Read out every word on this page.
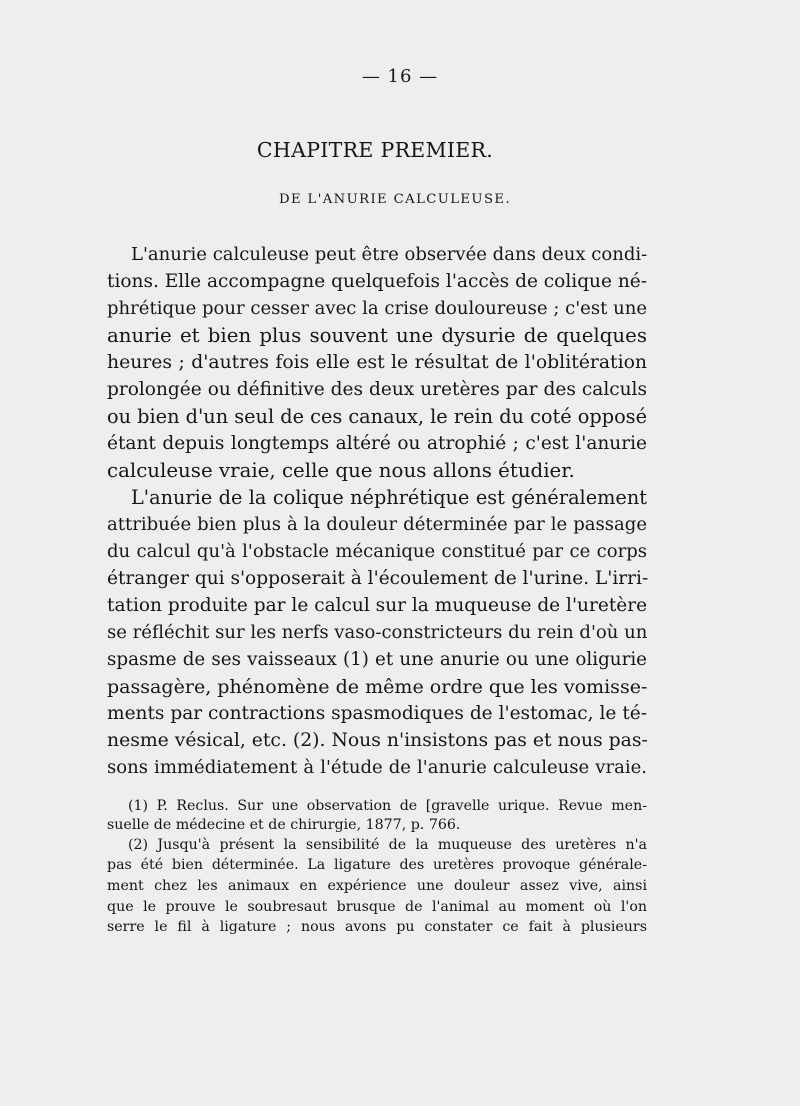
— 16 —
CHAPITRE PREMIER.
DE L'ANURIE CALCULEUSE.
L'anurie calculeuse peut être observée dans deux condi-
tions. Elle accompagne quelquefois l'accès de colique né-
phrétique pour cesser avec la crise douloureuse ; c'est une
anurie et bien plus souvent une dysurie de quelques
heures ; d'autres fois elle est le résultat de l'oblitération
prolongée ou définitive des deux uretères par des calculs
ou bien d'un seul de ces canaux, le rein du coté opposé
étant depuis longtemps altéré ou atrophié ; c'est l'anurie
calculeuse vraie, celle que nous allons étudier.
L'anurie de la colique néphrétique est généralement
attribuée bien plus à la douleur déterminée par le passage
du calcul qu'à l'obstacle mécanique constitué par ce corps
étranger qui s'opposerait à l'écoulement de l'urine. L'irri-
tation produite par le calcul sur la muqueuse de l'uretère
se réfléchit sur les nerfs vaso-constricteurs du rein d'où un
spasme de ses vaisseaux (1) et une anurie ou une oligurie
passagère, phénomène de même ordre que les vomisse-
ments par contractions spasmodiques de l'estomac, le té-
nesme vésical, etc. (2). Nous n'insistons pas et nous pas-
sons immédiatement à l'étude de l'anurie calculeuse vraie.
(1) P. Reclus. Sur une observation de [gravelle urique. Revue men-
suelle de médecine et de chirurgie, 1877, p. 766.
(2) Jusqu'à présent la sensibilité de la muqueuse des uretères n'a
pas été bien déterminée. La ligature des uretères provoque générale-
ment chez les animaux en expérience une douleur assez vive, ainsi
que le prouve le soubresaut brusque de l'animal au moment où l'on
serre le fil à ligature ; nous avons pu constater ce fait à plusieurs
